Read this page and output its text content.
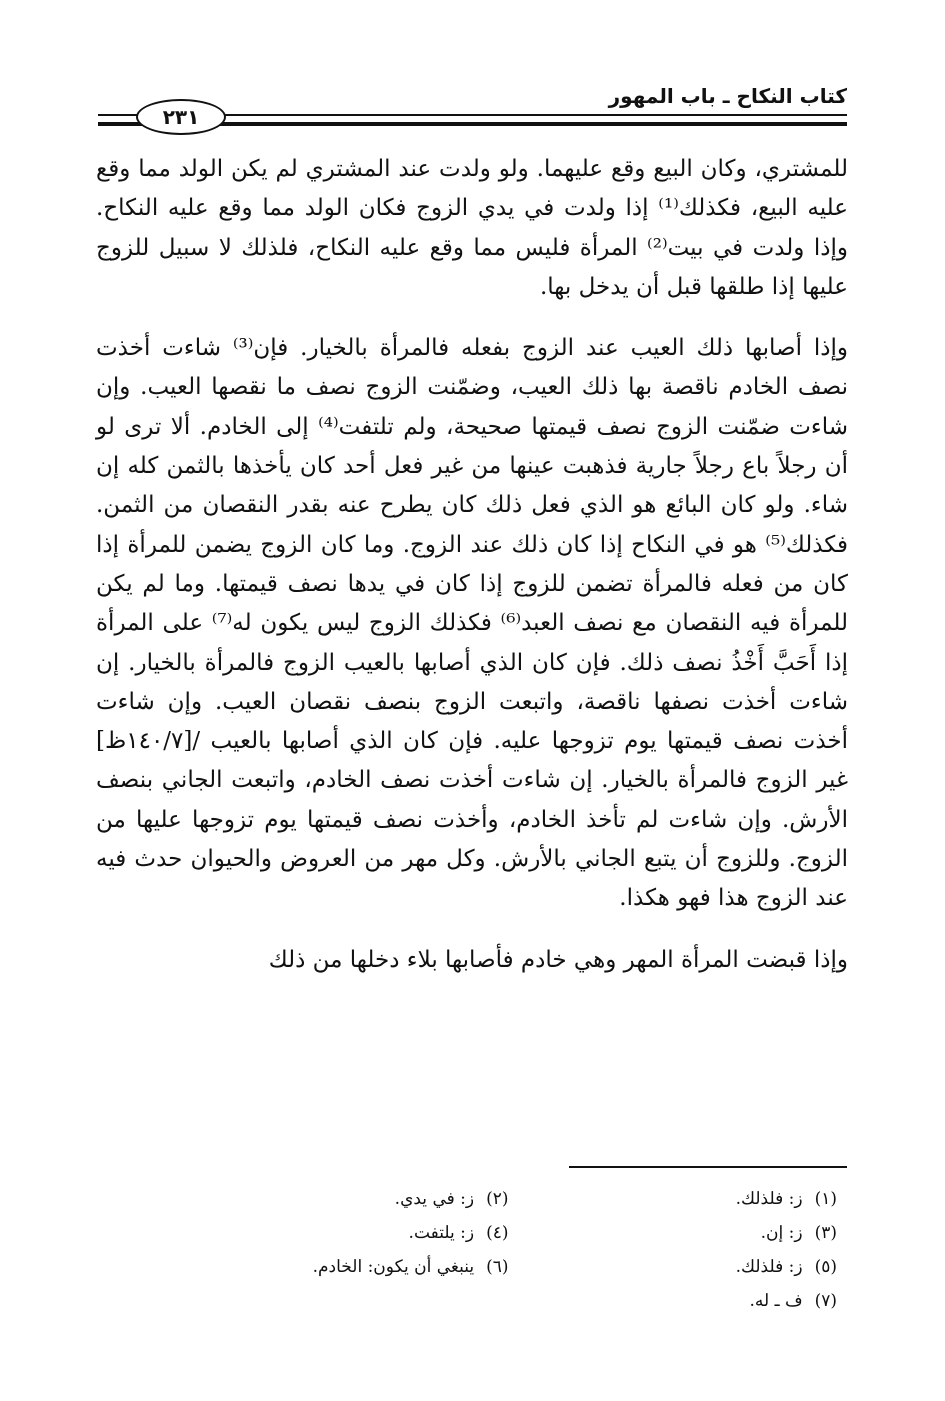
كتاب النكاح ـ باب المهور
٢٣١

للمشتري، وكان البيع وقع عليهما. ولو ولدت عند المشتري لم يكن الولد مما وقع عليه البيع، فكذلك⁽¹⁾ إذا ولدت في يدي الزوج فكان الولد مما وقع عليه النكاح. وإذا ولدت في بيت⁽²⁾ المرأة فليس مما وقع عليه النكاح، فلذلك لا سبيل للزوج عليها إذا طلقها قبل أن يدخل بها.

وإذا أصابها ذلك العيب عند الزوج بفعله فالمرأة بالخيار. فإن⁽³⁾ شاءت أخذت نصف الخادم ناقصة بها ذلك العيب، وضمّنت الزوج نصف ما نقصها العيب. وإن شاءت ضمّنت الزوج نصف قيمتها صحيحة، ولم تلتفت⁽⁴⁾ إلى الخادم. ألا ترى لو أن رجلاً باع رجلاً جارية فذهبت عينها من غير فعل أحد كان يأخذها بالثمن كله إن شاء. ولو كان البائع هو الذي فعل ذلك كان يطرح عنه بقدر النقصان من الثمن. فكذلك⁽⁵⁾ هو في النكاح إذا كان ذلك عند الزوج. وما كان الزوج يضمن للمرأة إذا كان من فعله فالمرأة تضمن للزوج إذا كان في يدها نصف قيمتها. وما لم يكن للمرأة فيه النقصان مع نصف العبد⁽⁶⁾ فكذلك الزوج ليس يكون له⁽⁷⁾ على المرأة إذا أَحَبَّ أَخْذُ نصف ذلك. فإن كان الذي أصابها بالعيب الزوج فالمرأة بالخيار. إن شاءت أخذت نصفها ناقصة، واتبعت الزوج بنصف نقصان العيب. وإن شاءت أخذت نصف قيمتها يوم تزوجها عليه. فإن كان الذي أصابها بالعيب /[١٤٠/٧ظ] غير الزوج فالمرأة بالخيار. إن شاءت أخذت نصف الخادم، واتبعت الجاني بنصف الأرش. وإن شاءت لم تأخذ الخادم، وأخذت نصف قيمتها يوم تزوجها عليها من الزوج. وللزوج أن يتبع الجاني بالأرش. وكل مهر من العروض والحيوان حدث فيه عند الزوج هذا فهو هكذا.

وإذا قبضت المرأة المهر وهي خادم فأصابها بلاء دخلها من ذلك

(١)ز: فلذلك.
(٢)ز: في يدي.
(٣)ز: إن.
(٤)ز: يلتفت.
(٥)ز: فلذلك.
(٦)ينبغي أن يكون: الخادم.
(٧)ف ـ له.
